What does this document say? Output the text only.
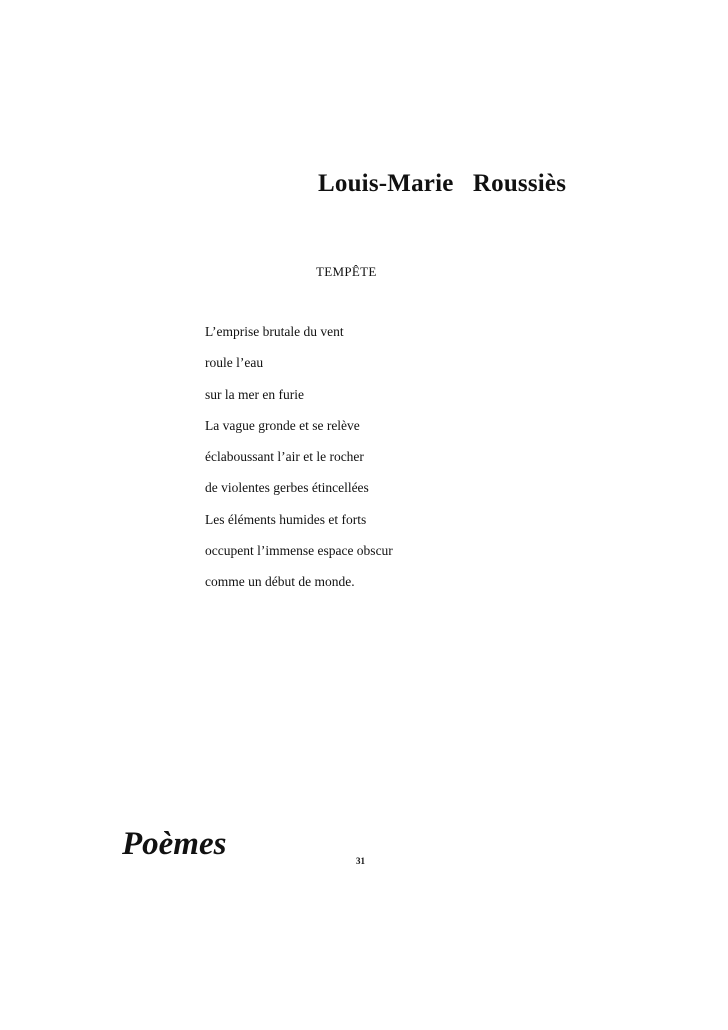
Louis-Marie   Roussiès
TEMPÊTE
L’emprise brutale du vent
roule l’eau
sur la mer en furie
La vague gronde et se relève
éclaboussant l’air et le rocher
de violentes gerbes étincellées
Les éléments humides et forts
occupent l’immense espace obscur
comme un début de monde.
Poèmes	31
